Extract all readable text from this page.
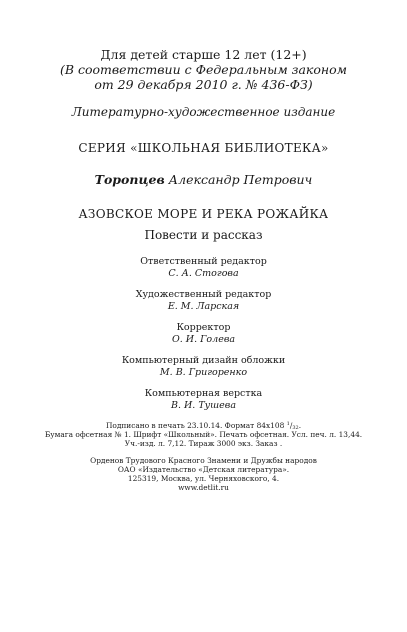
Для детей старше 12 лет (12+)
(В соответствии с Федеральным законом
от 29 декабря 2010 г. № 436-ФЗ)
Литературно-художественное издание
СЕРИЯ «ШКОЛЬНАЯ БИБЛИОТЕКА»
Торопцев Александр Петрович
АЗОВСКОЕ МОРЕ И РЕКА РОЖАЙКА
Повести и рассказ
Ответственный редактор
С. А. Стогова
Художественный редактор
Е. М. Ларская
Корректор
О. И. Голева
Компьютерный дизайн обложки
М. В. Григоренко
Компьютерная верстка
В. И. Тушева
Подписано в печать 23.10.14. Формат 84х108 $^1/_{32}$.
Бумага офсетная № 1. Шрифт «Школьный». Печать офсетная. Усл. печ. л. 13,44.
Уч.-изд. л. 7,12. Тираж 3000 экз. Заказ .
Орденов Трудового Красного Знамени и Дружбы народов
ОАО «Издательство «Детская литература».
125319, Москва, ул. Черняховского, 4.
www.detlit.ru
